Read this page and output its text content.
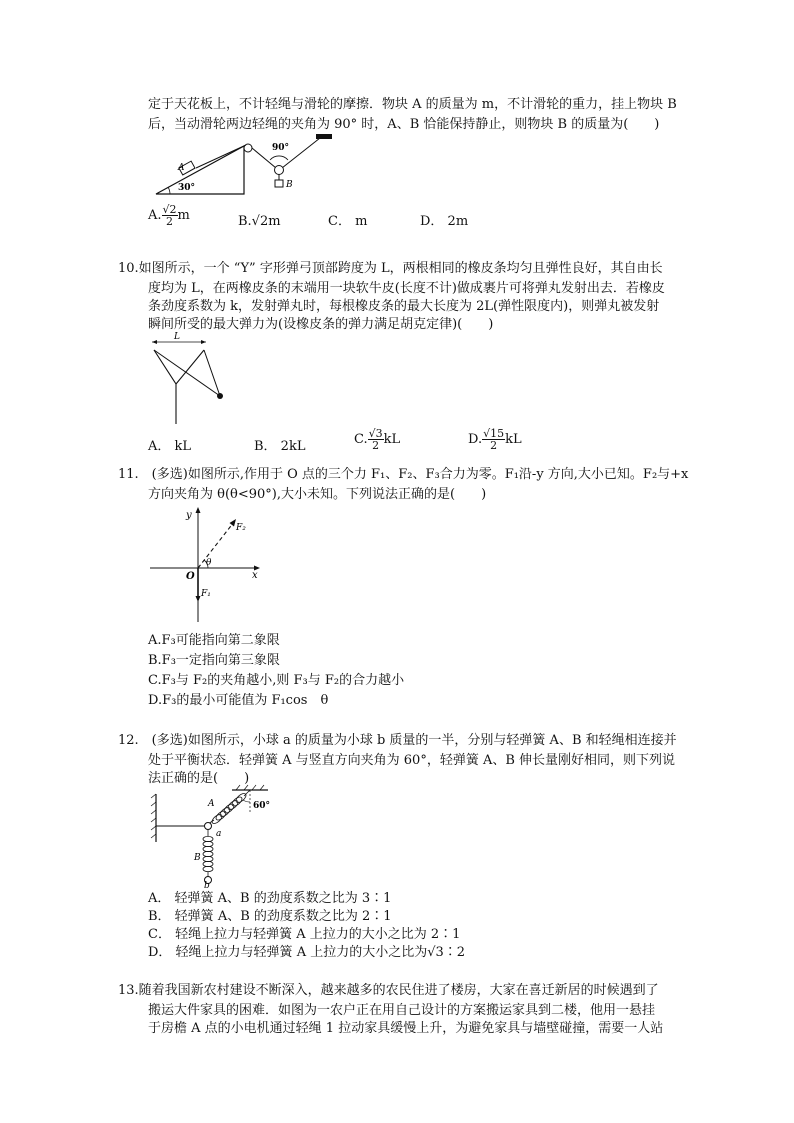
定于天花板上，不计轻绳与滑轮的摩擦．物块 A 的质量为 m，不计滑轮的重力，挂上物块 B
后，当动滑轮两边轻绳的夹角为 90° 时，A、B 恰能保持静止，则物块 B 的质量为(　　)
A
30°
90°
B
A. $\frac{√2}{2}$ m	B.√2m	C． m	D． 2m
10.如图所示，一个 “Y” 字形弹弓顶部跨度为 L，两根相同的橡皮条均匀且弹性良好，其自由长
度均为 L，在两橡皮条的末端用一块软牛皮(长度不计)做成裹片可将弹丸发射出去．若橡皮
条劲度系数为 k，发射弹丸时，每根橡皮条的最大长度为 2L(弹性限度内)，则弹丸被发射
瞬间所受的最大弹力为(设橡皮条的弹力满足胡克定律)(　　)
L
A． kL	B． 2kL	C. $\frac{√3}{2}$ kL	D. $\frac{√15}{2}$ kL
11.　(多选)如图所示,作用于 O 点的三个力 F₁、F₂、F₃合力为零。F₁沿-y 方向,大小已知。F₂与+x
方向夹角为 θ(θ<90°),大小未知。下列说法正确的是(　　)
y
x
O
F₂
θ
F₁
A.F₃可能指向第二象限
B.F₃一定指向第三象限
C.F₃与 F₂的夹角越小,则 F₃与 F₂的合力越小
D.F₃的最小可能值为 F₁cos　θ
12.　(多选)如图所示，小球 a 的质量为小球 b 质量的一半，分别与轻弹簧 A、B 和轻绳相连接并
处于平衡状态．轻弹簧 A 与竖直方向夹角为 60°，轻弹簧 A、B 伸长量刚好相同，则下列说
法正确的是(　　)
60°
A
a
B
b
A． 轻弹簧 A、B 的劲度系数之比为 3∶1
B． 轻弹簧 A、B 的劲度系数之比为 2∶1
C． 轻绳上拉力与轻弹簧 A 上拉力的大小之比为 2∶1
D． 轻绳上拉力与轻弹簧 A 上拉力的大小之比为√3∶2
13.随着我国新农村建设不断深入，越来越多的农民住进了楼房，大家在喜迁新居的时候遇到了
搬运大件家具的困难．如图为一农户正在用自己设计的方案搬运家具到二楼，他用一悬挂
于房檐 A 点的小电机通过轻绳 1 拉动家具缓慢上升，为避免家具与墙壁碰撞，需要一人站
